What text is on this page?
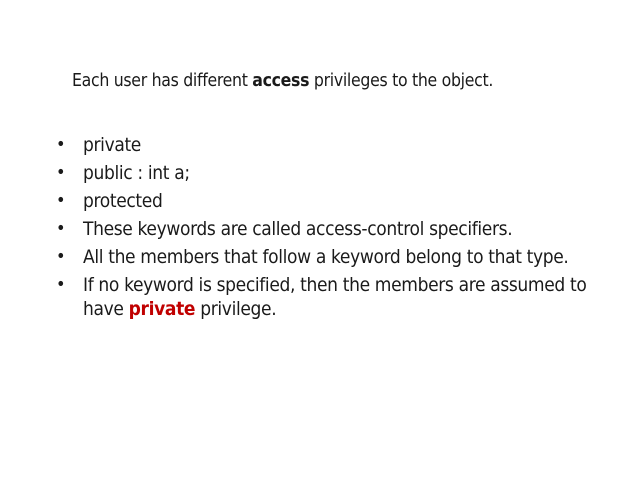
Each user has different access privileges to the object.

• private
• public : int a;
• protected
• These keywords are called access-control specifiers.
• All the members that follow a keyword belong to that type.
• If no keyword is specified, then the members are assumed to have private privilege.
